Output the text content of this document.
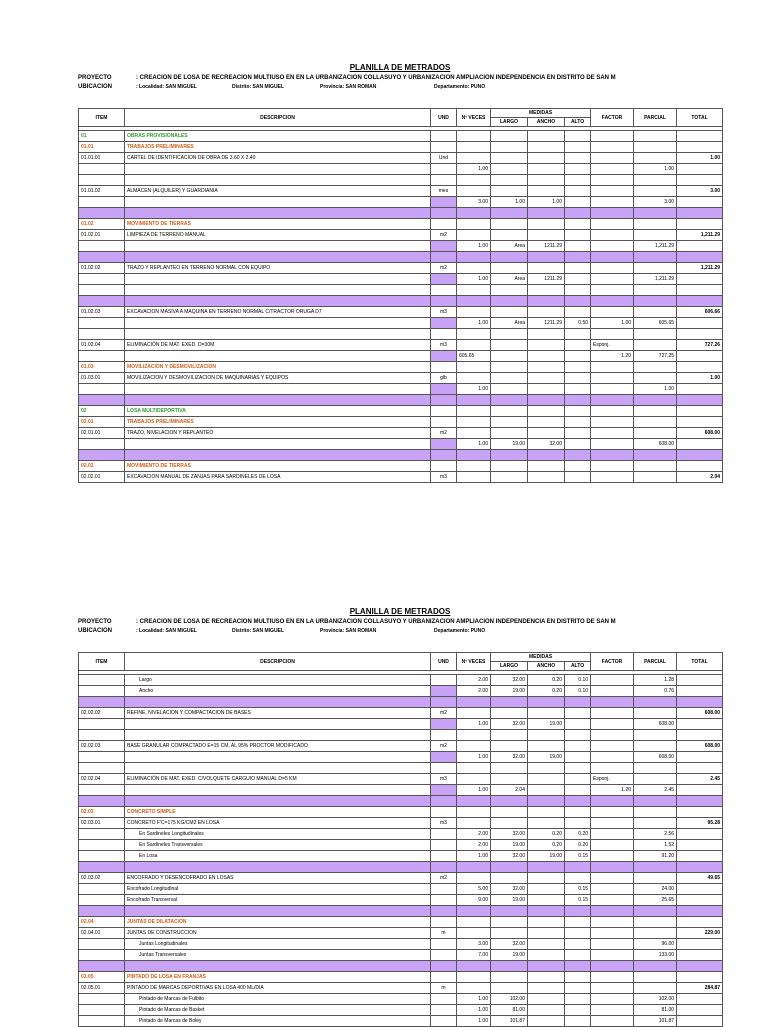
PLANILLA DE METRADOS
PROYECTO	: CREACIÓN DE LOSA DE RECREACIÓN MULTIUSO EN EN LA URBANIZACION COLLASUYO Y URBANIZACION AMPLIACION INDEPENDENCIA EN DISTRITO DE SAN M
UBICACIÓN	: Localidad: SAN MIGUEL	Distrito: SAN MIGUEL	Provincia: SAN ROMAN	Departamento: PUNO
ITEM	DESCRIPCION	UND	Nº VECES	MEDIDAS			FACTOR	PARCIAL	TOTAL
				LARGO	ANCHO	ALTO			

01	OBRAS PROVISIONALES								
01.01	TRABAJOS PRELIMINARES								
01.01.01	CARTEL DE IDENTIFICACION DE OBRA DE 3.60 X 2.40	Und							1.00
			1.00					1.00	

01.01.02	ALMACEN (ALQUILER) Y GUARDIANIA	mes							3.00
			3.00	1.00	1.00			3.00	

01.02	MOVIMIENTO DE TIERRAS								
01.02.01	LIMPIEZA DE TERRENO MANUAL	m2							1,211.29
			1.00	Area	1211.29			1,211.29	

01.02.02	TRAZO Y REPLANTEO EN TERRENO NORMAL CON EQUIPO	m2							1,211.29
			1.00	Area	1211.29			1,211.29	

01.02.03	EXCAVACION MASIVA A MAQUINA EN TERRENO NORMAL C/TRACTOR ORUGA D7	m3							606.66
			1.00	Area	1211.29	0.50	1.00	605.65	

01.02.04	ELIMINACIÓN DE MAT. EXED. D=30M	m3					Esponj.		727.26
			605.65				1.20	727.25	
01.03	MOVILIZACION Y DESMOVILIZACION								
01.03.01	MOVILIZACION Y DESMOVILIZACION DE MAQUINARIAS Y EQUIPOS	glb							1.00
			1.00					1.00	

02	LOSA MULTIDEPORTIVA								
02.01	TRABAJOS PRELIMINARES								
02.01.01	TRAZO, NIVELACION Y REPLANTEO	m2							608.00
			1.00	19.00	32.00			608.00	

02.02	MOVIMIENTO DE TIERRAS								
02.02.01	EXCAVACION MANUAL DE ZANJAS PARA SARDINELES DE LOSA	m3							2.04
PLANILLA DE METRADOS
PROYECTO	: CREACIÓN DE LOSA DE RECREACIÓN MULTIUSO EN EN LA URBANIZACION COLLASUYO Y URBANIZACION AMPLIACION INDEPENDENCIA EN DISTRITO DE SAN M
UBICACIÓN	: Localidad: SAN MIGUEL	Distrito: SAN MIGUEL	Provincia: SAN ROMAN	Departamento: PUNO
ITEM	DESCRIPCION	UND	Nº VECES	MEDIDAS			FACTOR	PARCIAL	TOTAL
				LARGO	ANCHO	ALTO			

	Largo		2.00	32.00	0.20	0.10		1.28	
	Ancho		2.00	19.00	0.20	0.10		0.76	

02.02.02	REFINE, NIVELACION Y COMPACTACION DE BASES	m2							608.00
			1.00	32.00	19.00			608.00	

02.02.03	BASE GRANULAR COMPACTADO E=15 CM, AL 95% PROCTOR MODIFICADO	m2							608.00
			1.00	32.00	19.00			608.00	

02.02.04	ELIMINACIÓN DE MAT. EXED. C/VOLQUETE CARGUIO MANUAL D=5 KM	m3					Esponj.		2.45
			1.00	2.04			1.20	2.45	

02.03	CONCRETO SIMPLE								
02.03.01	CONCRETO F'C=175 KG/CM2 EN LOSA	m3							95.28
	En Sardineles Longitudinales		2.00	32.00	0.20	0.20		2.56	
	En Sardineles Transversales		2.00	19.00	0.20	0.20		1.52	
	En Losa		1.00	32.00	19.00	0.15		91.20	

02.03.02	ENCOFRADO Y DESENCOFRADO EN LOSAS	m2							49.65
	Encofrado Longitudinal		5.00	32.00		0.15		24.00	
	Encofrado Transversal		9.00	19.00		0.15		25.65	

02.04	JUNTAS DE DILATACION								
02.04.01	JUNTAS DE CONSTRUCCION	m							229.00
	Juntas Longitudinales		3.00	32.00				96.00	
	Juntas Transversales		7.00	19.00				133.00	

02.05	PINTADO DE LOSA EN FRANJAS								
02.05.01	PINTADO DE MARCAS DEPORTIVAS EN LOSA 400 ML/DIA	m							284.87
	Pintado de Marcas de Fulbito		1.00	102.00				102.00	
	Pintado de Marcas de Basket		1.00	81.00				81.00	
	Pintado de Marcas de Boley		1.00	101.87				101.87	
